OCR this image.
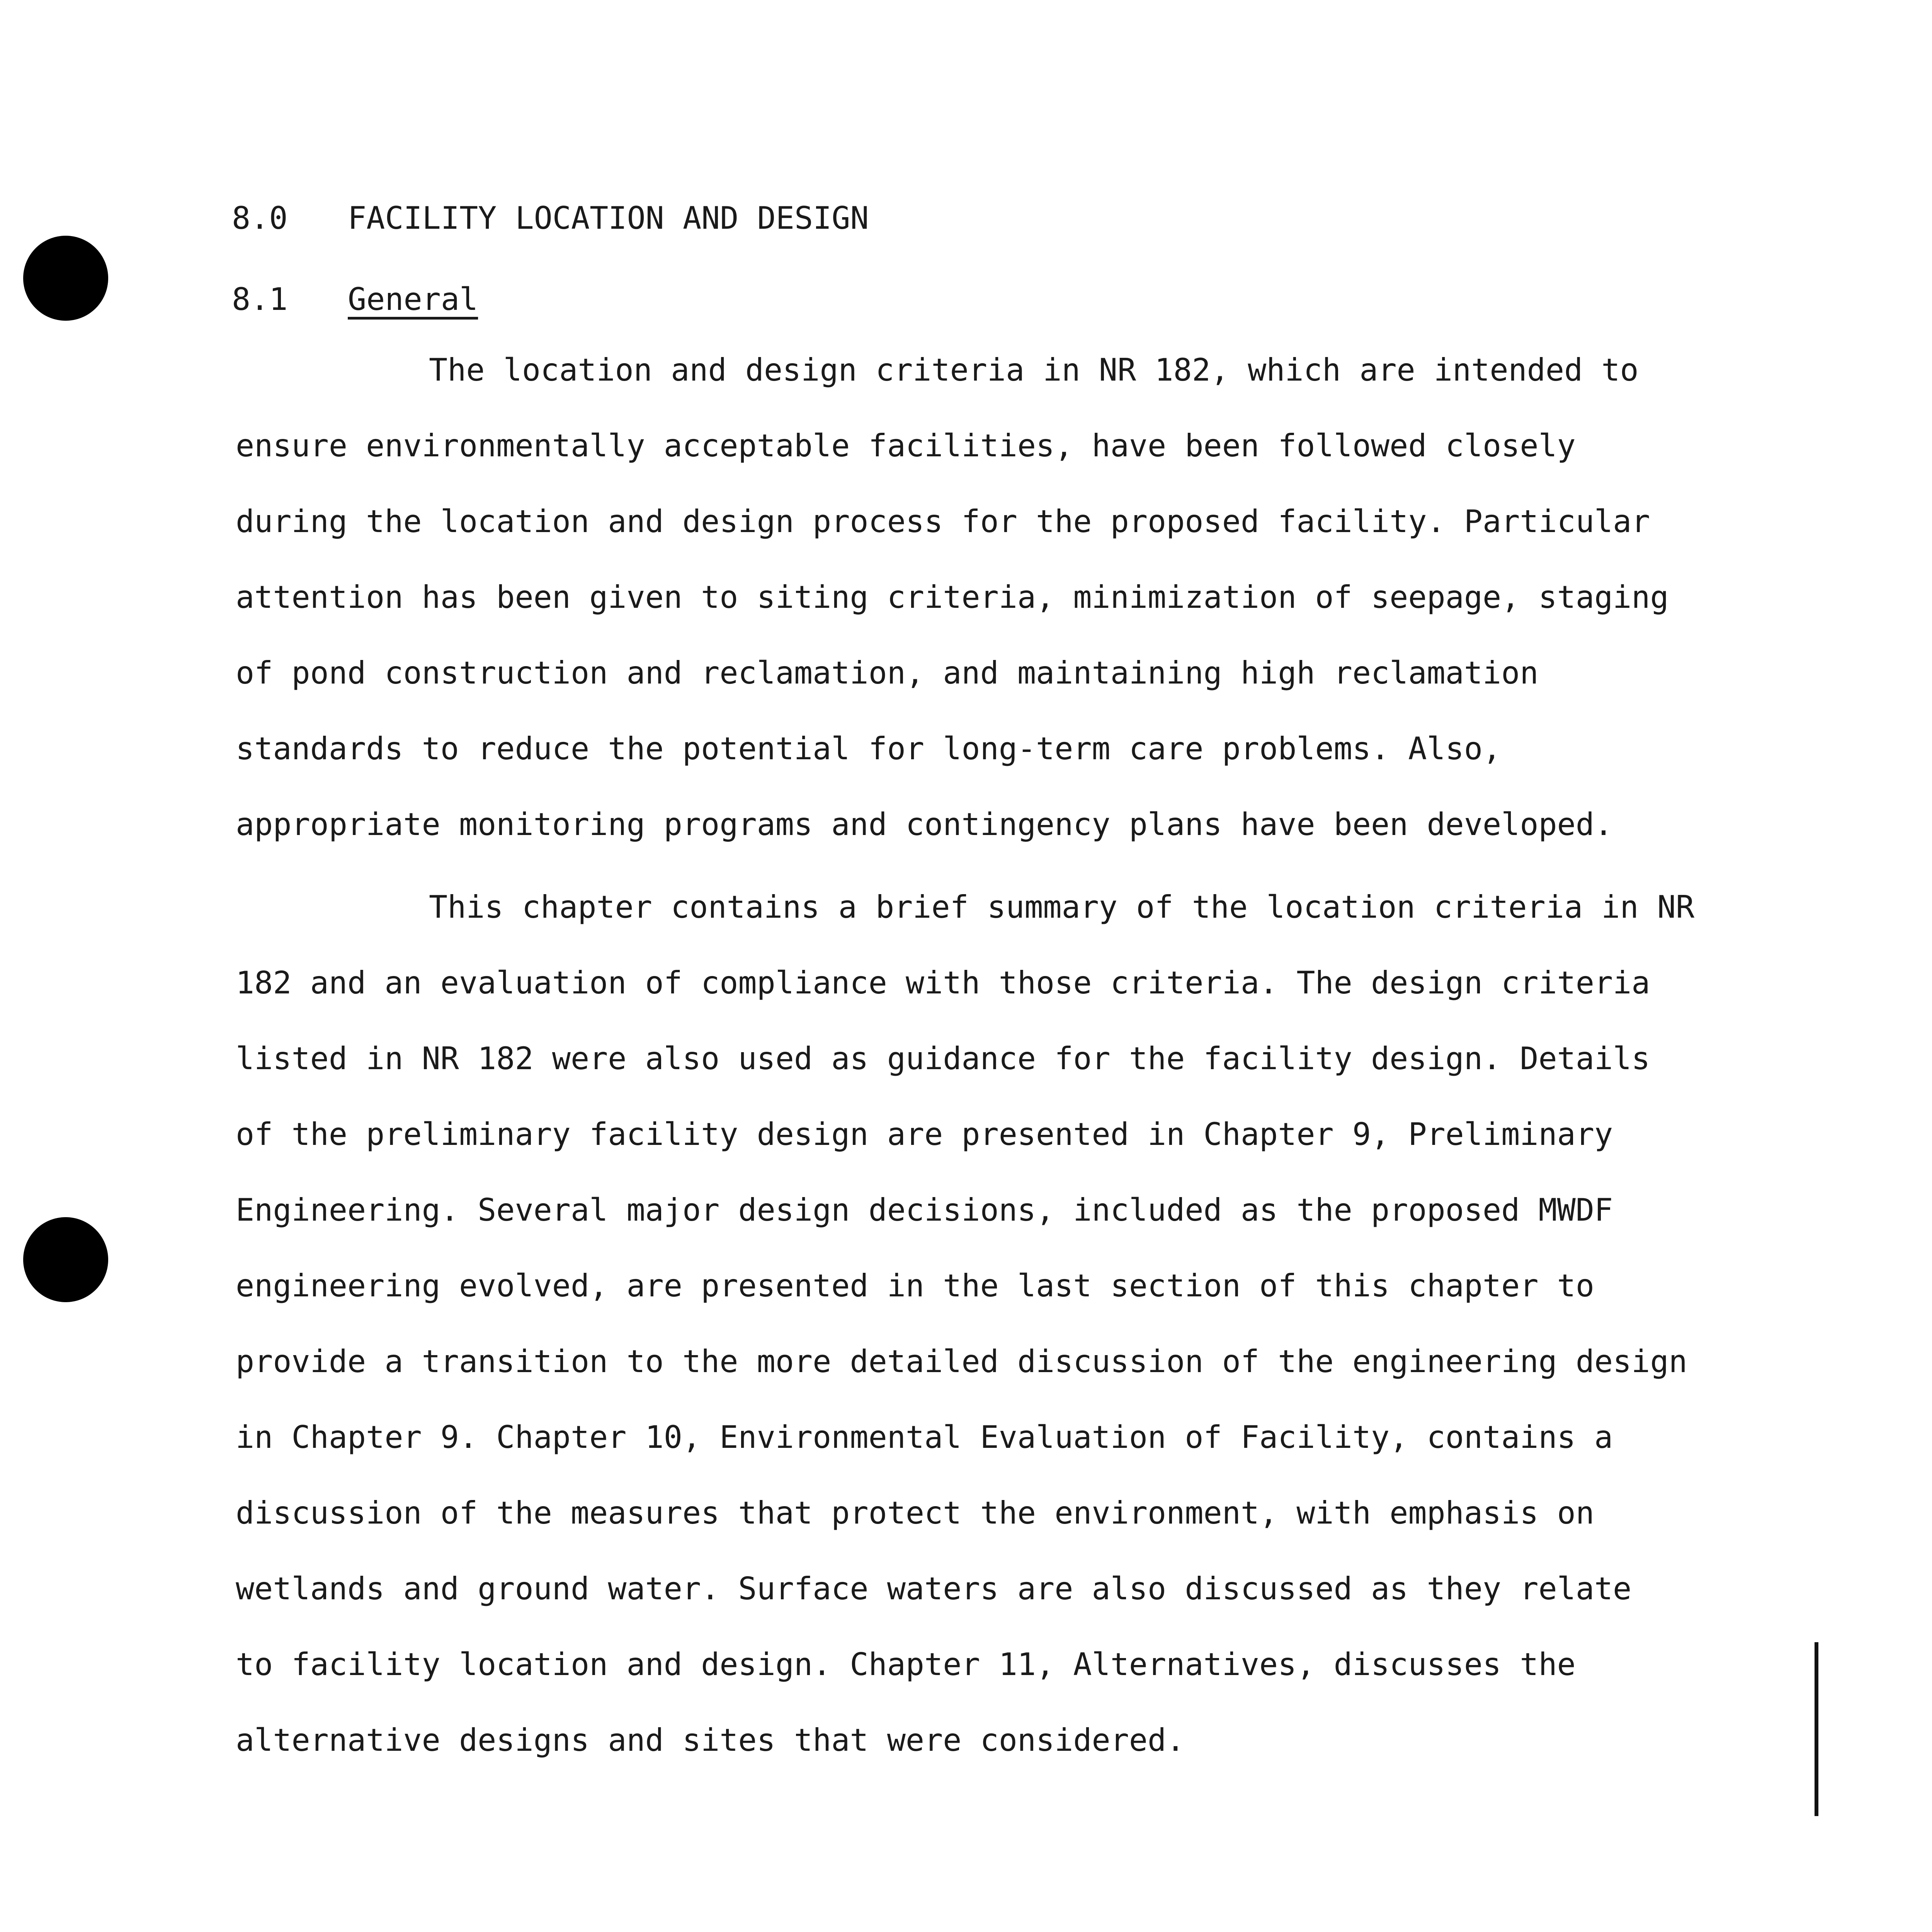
8.0 FACILITY LOCATION AND DESIGN
8.1 General
The location and design criteria in NR 182, which are intended to
ensure environmentally acceptable facilities, have been followed closely
during the location and design process for the proposed facility. Particular
attention has been given to siting criteria, minimization of seepage, staging
of pond construction and reclamation, and maintaining high reclamation
standards to reduce the potential for long-term care problems. Also,
appropriate monitoring programs and contingency plans have been developed.
This chapter contains a brief summary of the location criteria in NR
182 and an evaluation of compliance with those criteria. The design criteria
listed in NR 182 were also used as guidance for the facility design. Details
of the preliminary facility design are presented in Chapter 9, Preliminary
Engineering. Several major design decisions, included as the proposed MWDF
engineering evolved, are presented in the last section of this chapter to
provide a transition to the more detailed discussion of the engineering design
in Chapter 9. Chapter 10, Environmental Evaluation of Facility, contains a
discussion of the measures that protect the environment, with emphasis on
wetlands and ground water. Surface waters are also discussed as they relate
to facility location and design. Chapter 11, Alternatives, discusses the
alternative designs and sites that were considered.
